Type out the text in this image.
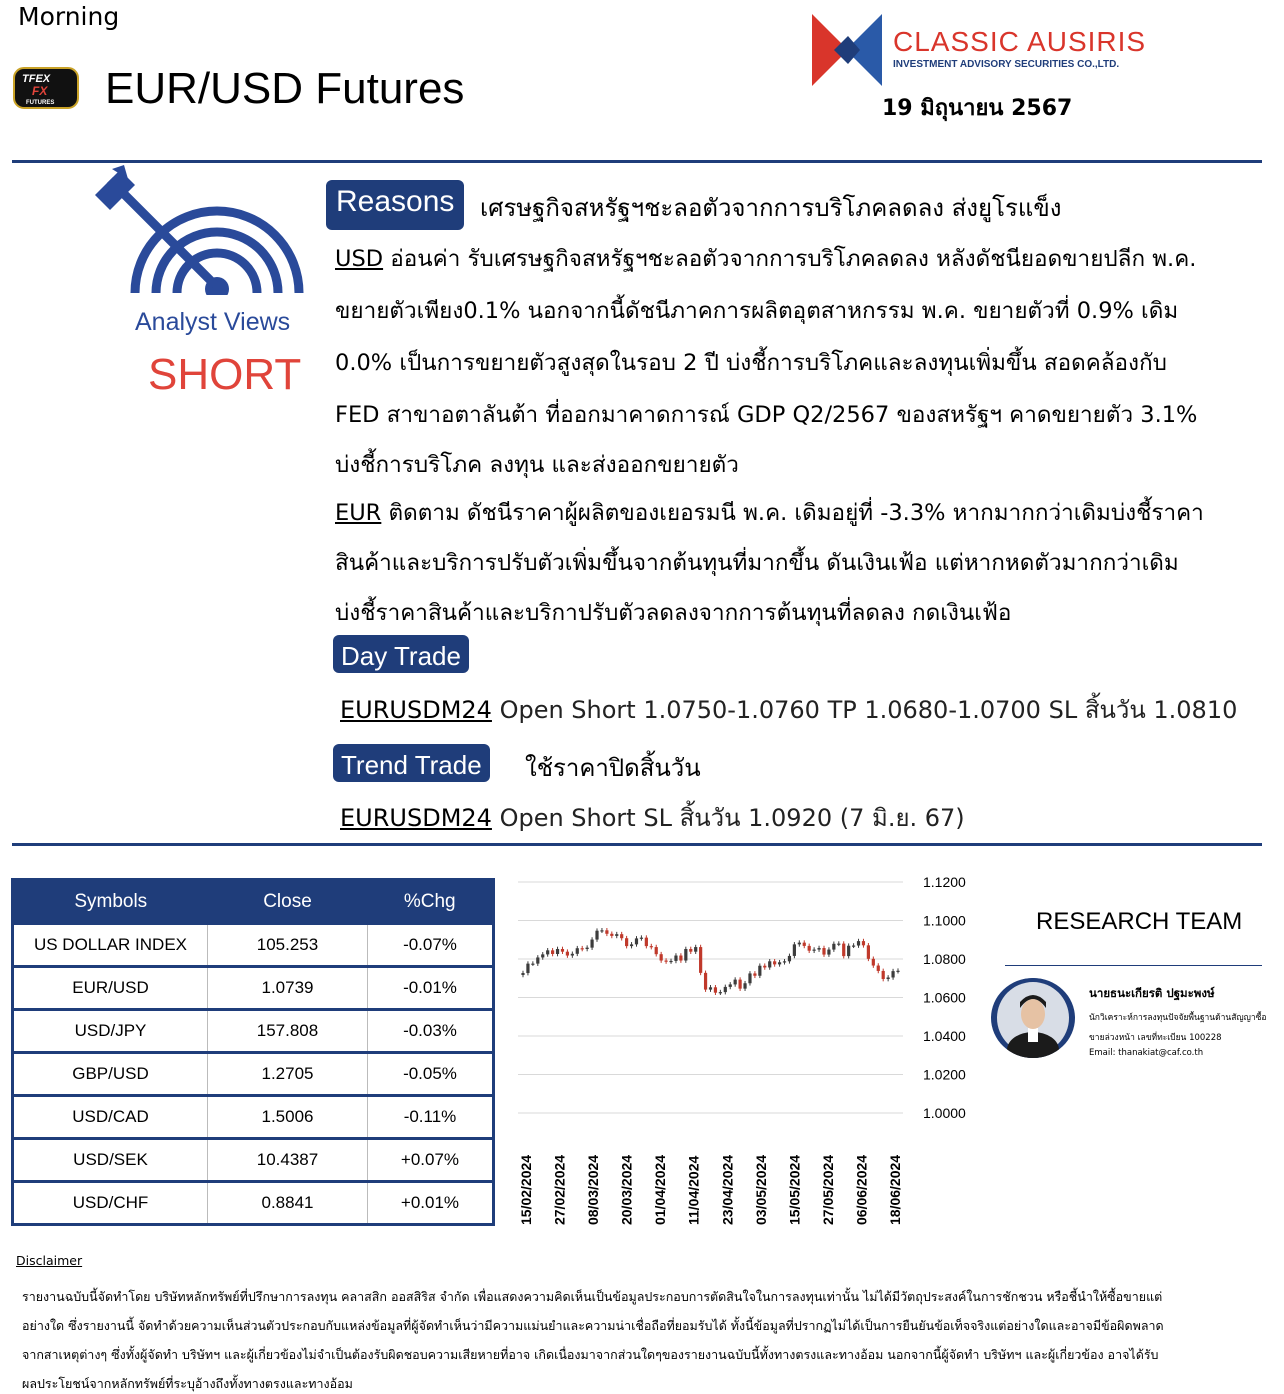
Morning
TFEX
FX
FUTURES EUR/USD Futures
CLASSIC AUSIRIS
INVESTMENT ADVISORY SECURITIES CO.,LTD.
19 มิถุนายน 2567
Analyst Views
SHORT
Reasons	เศรษฐกิจสหรัฐฯชะลอตัวจากการบริโภคลดลง ส่งยูโรแข็ง
USD อ่อนค่า รับเศรษฐกิจสหรัฐฯชะลอตัวจากการบริโภคลดลง หลังดัชนียอดขายปลีก พ.ค.
ขยายตัวเพียง0.1% นอกจากนี้ดัชนีภาคการผลิตอุตสาหกรรม พ.ค. ขยายตัวที่ 0.9% เดิม
0.0% เป็นการขยายตัวสูงสุดในรอบ 2 ปี บ่งชี้การบริโภคและลงทุนเพิ่มขึ้น สอดคล้องกับ
FED สาขาอตาลันต้า ที่ออกมาคาดการณ์ GDP Q2/2567 ของสหรัฐฯ คาดขยายตัว 3.1%
บ่งชี้การบริโภค ลงทุน และส่งออกขยายตัว
EUR ติดตาม ดัชนีราคาผู้ผลิตของเยอรมนี พ.ค. เดิมอยู่ที่ -3.3% หากมากกว่าเดิมบ่งชี้ราคา
สินค้าและบริการปรับตัวเพิ่มขึ้นจากต้นทุนที่มากขึ้น ดันเงินเฟ้อ แต่หากหดตัวมากกว่าเดิม
บ่งชี้ราคาสินค้าและบริกาปรับตัวลดลงจากการต้นทุนที่ลดลง กดเงินเฟ้อ
Day Trade
EURUSDM24 Open Short 1.0750-1.0760 TP 1.0680-1.0700 SL สิ้นวัน 1.0810
Trend Trade	ใช้ราคาปิดสิ้นวัน
EURUSDM24 Open Short SL สิ้นวัน 1.0920 (7 มิ.ย. 67)
Symbols	Close	%Chg
US DOLLAR INDEX	105.253	-0.07%
EUR/USD	1.0739	-0.01%
USD/JPY	157.808	-0.03%
GBP/USD	1.2705	-0.05%
USD/CAD	1.5006	-0.11%
USD/SEK	10.4387	+0.07%
USD/CHF	0.8841	+0.01%
1.1200
1.1000
1.0800
1.0600
1.0400
1.0200
1.0000
15/02/2024 27/02/2024 08/03/2024 20/03/2024 01/04/2024 11/04/2024 23/04/2024 03/05/2024 15/05/2024 27/05/2024 06/06/2024 18/06/2024
RESEARCH TEAM
นายธนะเกียรติ ปฐมะพงษ์
นักวิเคราะห์การลงทุนปัจจัยพื้นฐานด้านสัญญาซื้อขายล่วงหน้า เลขที่ทะเบียน 100228
Email: thanakiat@caf.co.th
Disclaimer
รายงานฉบับนี้จัดทำโดย บริษัทหลักทรัพย์ที่ปรึกษาการลงทุน คลาสสิก ออสสิริส จำกัด เพื่อแสดงความคิดเห็นเป็นข้อมูลประกอบการตัดสินใจในการลงทุนเท่านั้น ไม่ได้มีวัตถุประสงค์ในการชักชวน หรือชี้นำให้ซื้อขายแต่
อย่างใด ซึ่งรายงานนี้ จัดทำด้วยความเห็นส่วนตัวประกอบกับแหล่งข้อมูลที่ผู้จัดทำเห็นว่ามีความแม่นยำและความน่าเชื่อถือที่ยอมรับได้ ทั้งนี้ข้อมูลที่ปรากฏไม่ได้เป็นการยืนยันข้อเท็จจริงแต่อย่างใดและอาจมีข้อผิดพลาด
จากสาเหตุต่างๆ ซึ่งทั้งผู้จัดทำ บริษัทฯ และผู้เกี่ยวข้องไม่จำเป็นต้องรับผิดชอบความเสียหายที่อาจ เกิดเนื่องมาจากส่วนใดๆของรายงานฉบับนี้ทั้งทางตรงและทางอ้อม นอกจากนี้ผู้จัดทำ บริษัทฯ และผู้เกี่ยวข้อง อาจได้รับ
ผลประโยชน์จากหลักทรัพย์ที่ระบุอ้างถึงทั้งทางตรงและทางอ้อม
